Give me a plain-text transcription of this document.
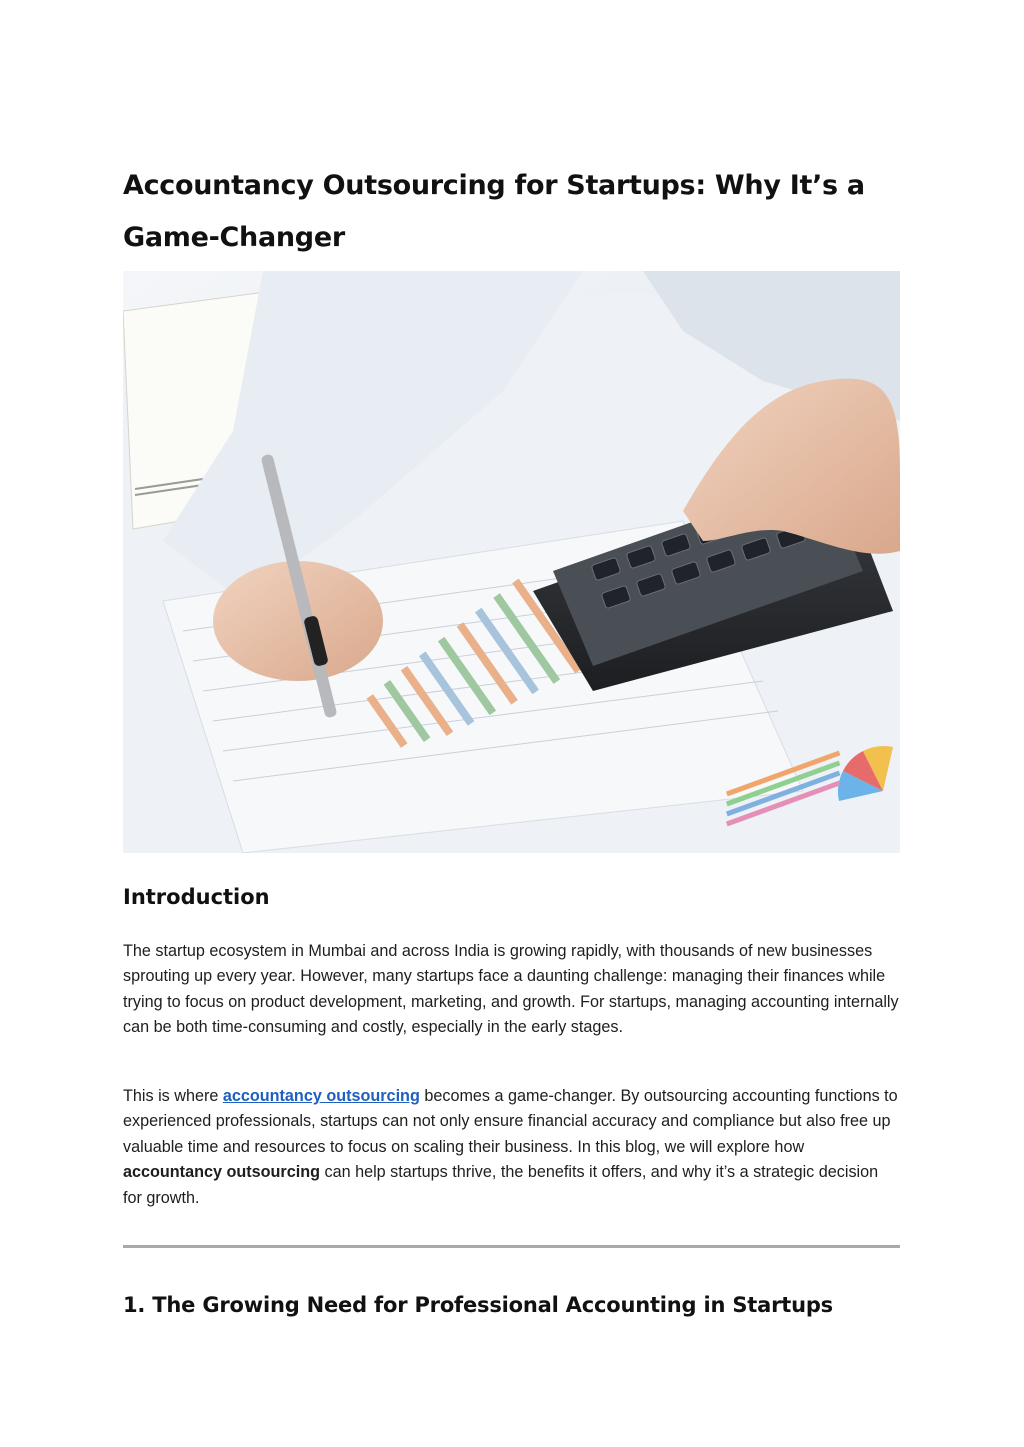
Accountancy Outsourcing for Startups: Why It’s a Game-Changer
Introduction

The startup ecosystem in Mumbai and across India is growing rapidly, with thousands of new businesses sprouting up every year. However, many startups face a daunting challenge: managing their finances while trying to focus on product development, marketing, and growth. For startups, managing accounting internally can be both time-consuming and costly, especially in the early stages.

This is where accountancy outsourcing becomes a game-changer. By outsourcing accounting functions to experienced professionals, startups can not only ensure financial accuracy and compliance but also free up valuable time and resources to focus on scaling their business. In this blog, we will explore how accountancy outsourcing can help startups thrive, the benefits it offers, and why it’s a strategic decision for growth.

1. The Growing Need for Professional Accounting in Startups
